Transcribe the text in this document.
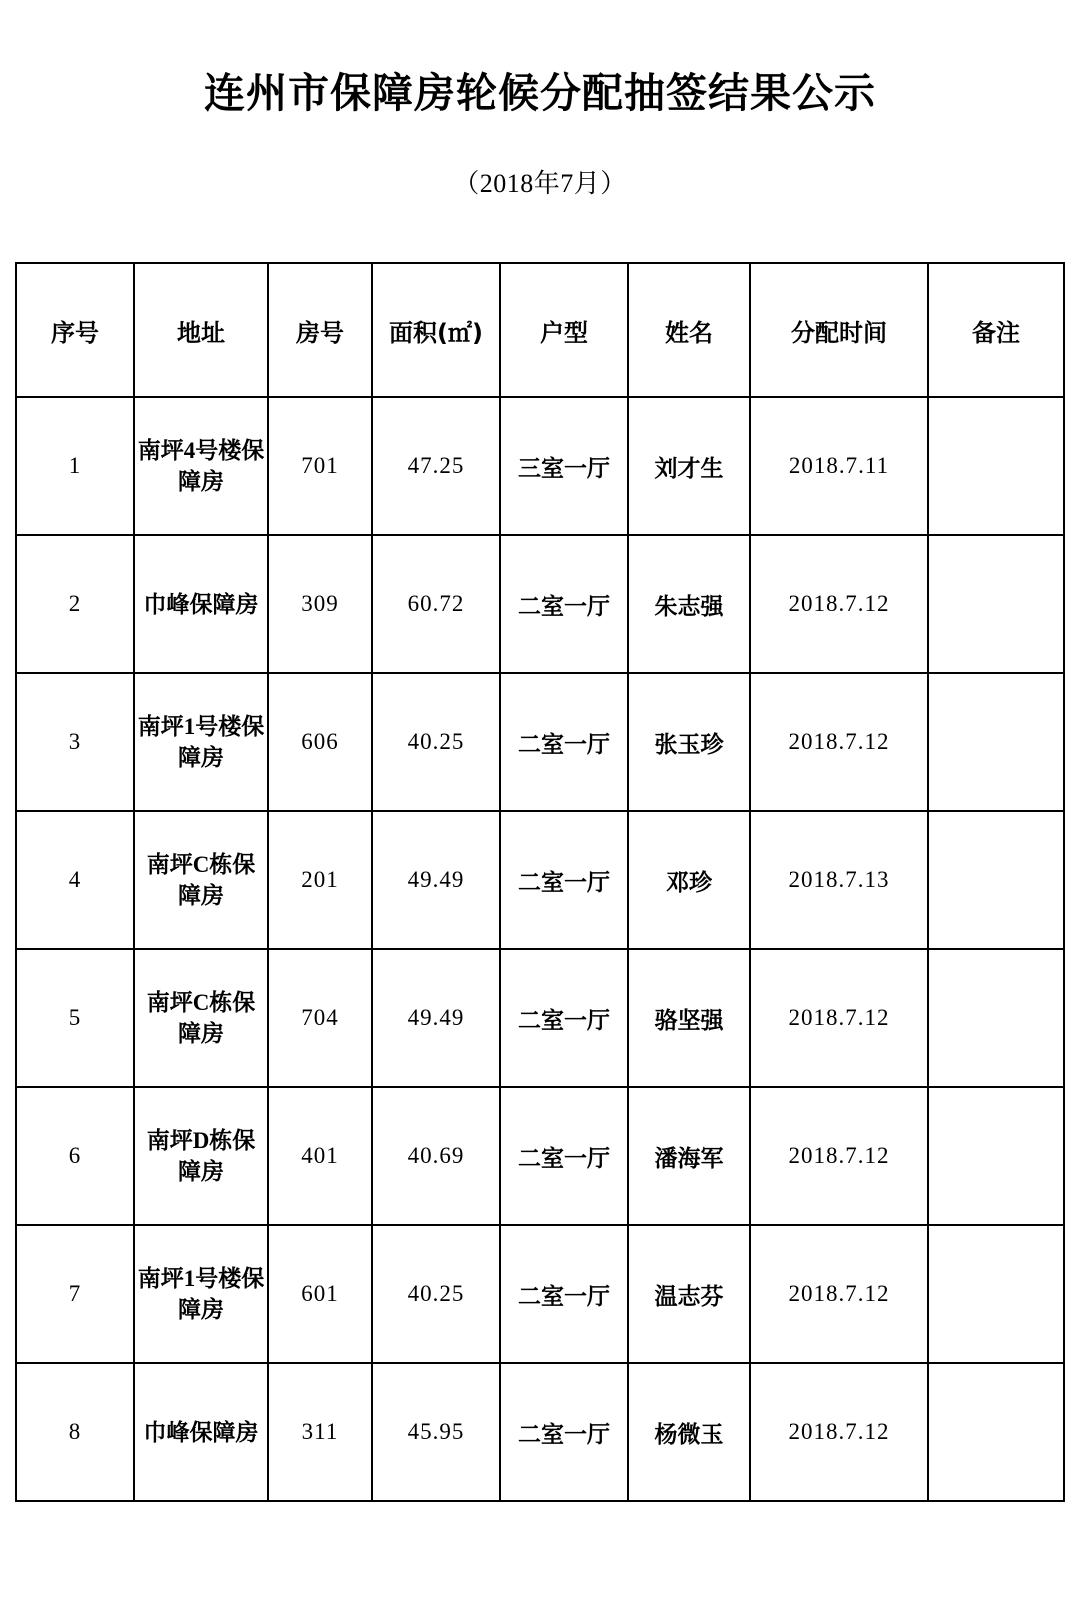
连州市保障房轮候分配抽签结果公示
（2018年7月）
序号	地址	房号	面积(㎡)	户型	姓名	分配时间	备注
1	南坪4号楼保障房	701	47.25	三室一厅	刘才生	2018.7.11	
2	巾峰保障房	309	60.72	二室一厅	朱志强	2018.7.12	
3	南坪1号楼保障房	606	40.25	二室一厅	张玉珍	2018.7.12	
4	南坪C栋保障房	201	49.49	二室一厅	邓珍	2018.7.13	
5	南坪C栋保障房	704	49.49	二室一厅	骆坚强	2018.7.12	
6	南坪D栋保障房	401	40.69	二室一厅	潘海军	2018.7.12	
7	南坪1号楼保障房	601	40.25	二室一厅	温志芬	2018.7.12	
8	巾峰保障房	311	45.95	二室一厅	杨微玉	2018.7.12	
